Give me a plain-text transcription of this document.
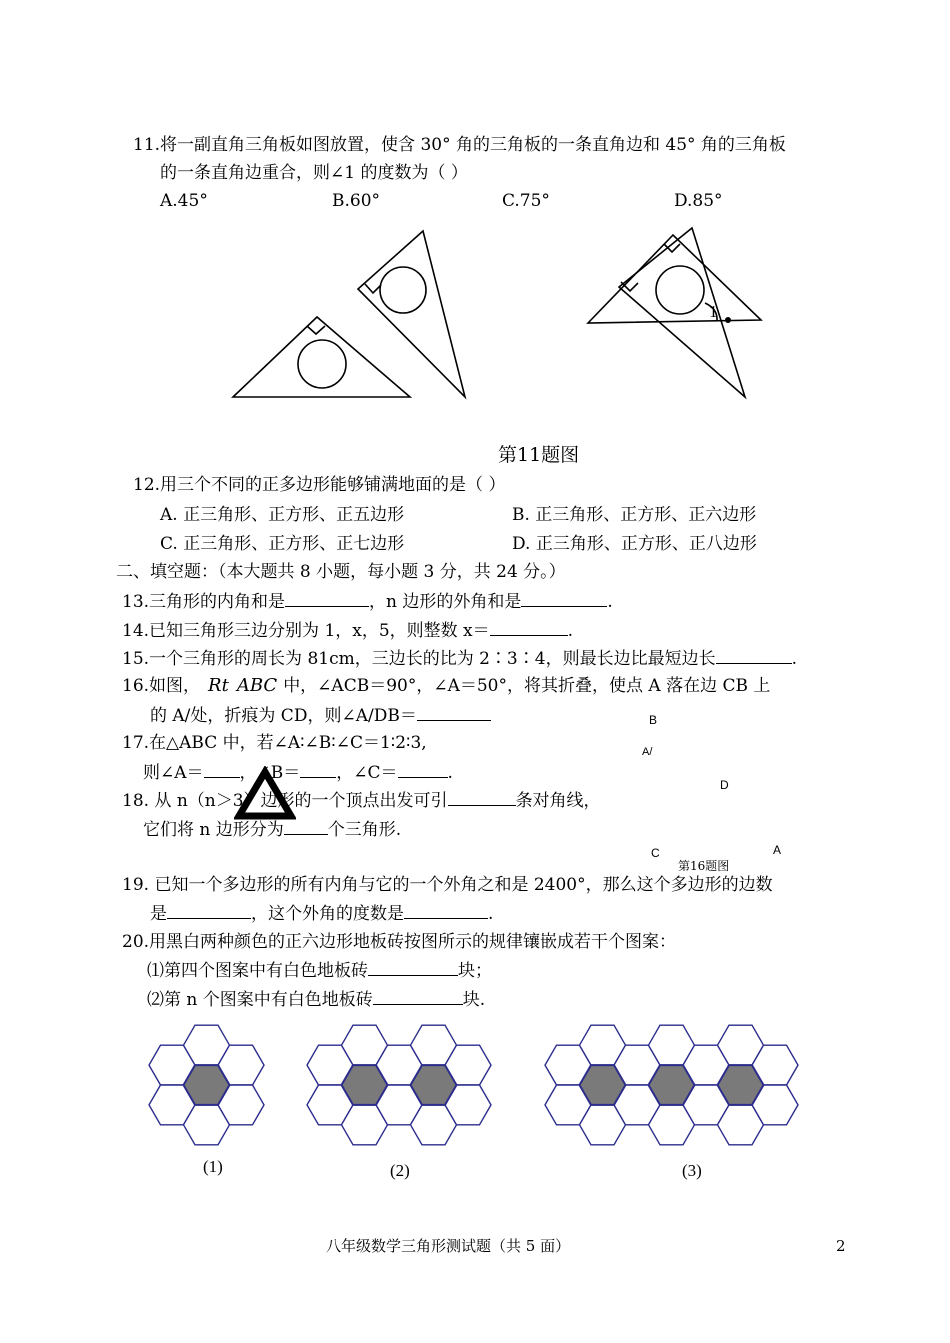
11.将一副直角三角板如图放置，使含 30° 角的三角板的一条直角边和 45° 角的三角板
的一条直角边重合，则∠1 的度数为（ ）
A.45°	B.60°	C.75°	D.85°
1
第11题图
12.用三个不同的正多边形能够铺满地面的是（ ）
A. 正三角形、正方形、正五边形	B. 正三角形、正方形、正六边形
C. 正三角形、正方形、正七边形	D. 正三角形、正方形、正八边形
二、填空题：（本大题共 8 小题，每小题 3 分，共 24 分。）
13.三角形的内角和是	，n 边形的外角和是	.
14.已知三角形三边分别为 1，x，5，则整数 x＝	.
15.一个三角形的周长为 81cm，三边长的比为 2∶3∶4，则最长边比最短边长	.
16.如图， Rt ABC 中，∠ACB＝90°，∠A＝50°，将其折叠，使点 A 落在边 CB 上
的 A/处，折痕为 CD，则∠A/DB＝	B
A/
D
C	A
第16题图
17.在△ABC 中，若∠A∶∠B∶∠C＝1∶2∶3,
则∠A＝ ，∠B＝ ，∠C＝	.
18. 从 n（n＞3）边形的一个顶点出发可引	条对角线，
它们将 n 边形分为	个三角形.
19. 已知一个多边形的所有内角与它的一个外角之和是 2400°，那么这个多边形的边数
是	，这个外角的度数是	.
20.用黑白两种颜色的正六边形地板砖按图所示的规律镶嵌成若干个图案：
⑴第四个图案中有白色地板砖	块；
⑵第 n 个图案中有白色地板砖	块.
(1)	(2)	(3)
八年级数学三角形测试题（共 5 面）	2
